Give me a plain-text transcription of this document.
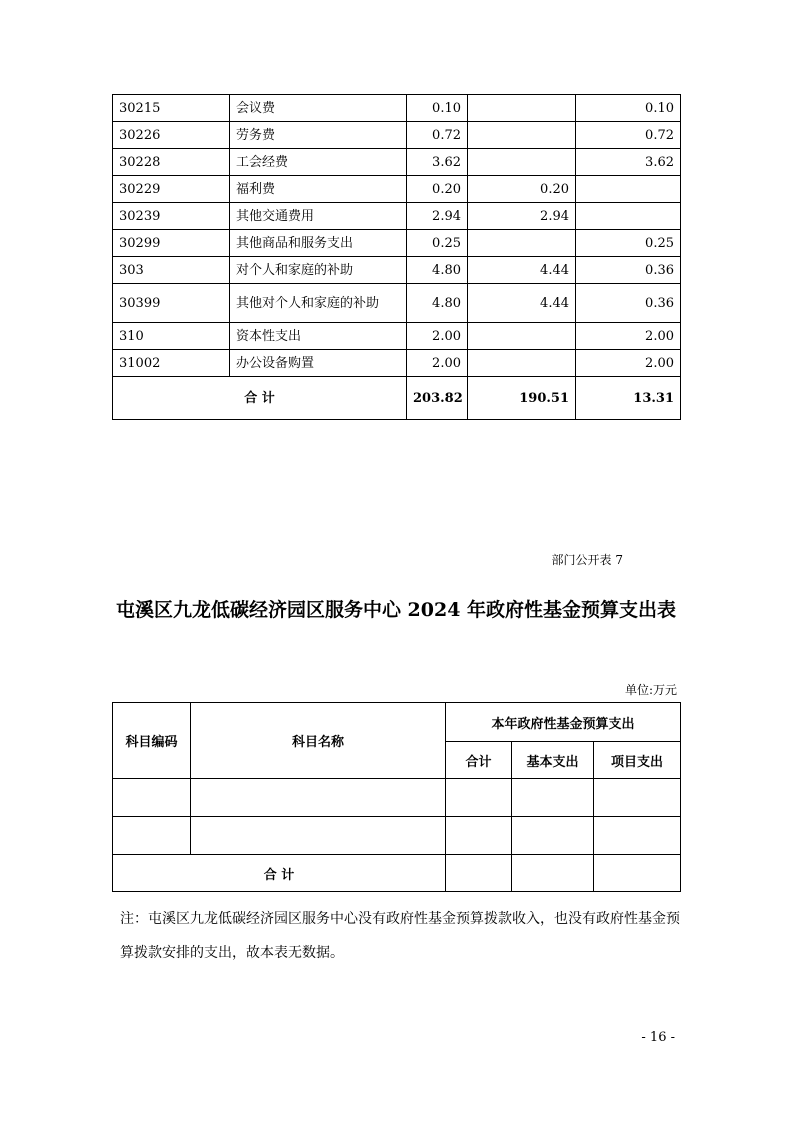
30215	会议费	0.10		0.10
30226	劳务费	0.72		0.72
30228	工会经费	3.62		3.62
30229	福利费	0.20	0.20	
30239	其他交通费用	2.94	2.94	
30299	其他商品和服务支出	0.25		0.25
303	对个人和家庭的补助	4.80	4.44	0.36
30399	其他对个人和家庭的补助	4.80	4.44	0.36
310	资本性支出	2.00		2.00
31002	办公设备购置	2.00		2.00
合 计		203.82	190.51	13.31
部门公开表 7
屯溪区九龙低碳经济园区服务中心 2024 年政府性基金预算支出表
单位:万元
科目编码	科目名称	本年政府性基金预算支出		
		合计	基本支出	项目支出

合 计				
注：屯溪区九龙低碳经济园区服务中心没有政府性基金预算拨款收入，也没有政府性基金预算拨款安排的支出，故本表无数据。
- 16 -
